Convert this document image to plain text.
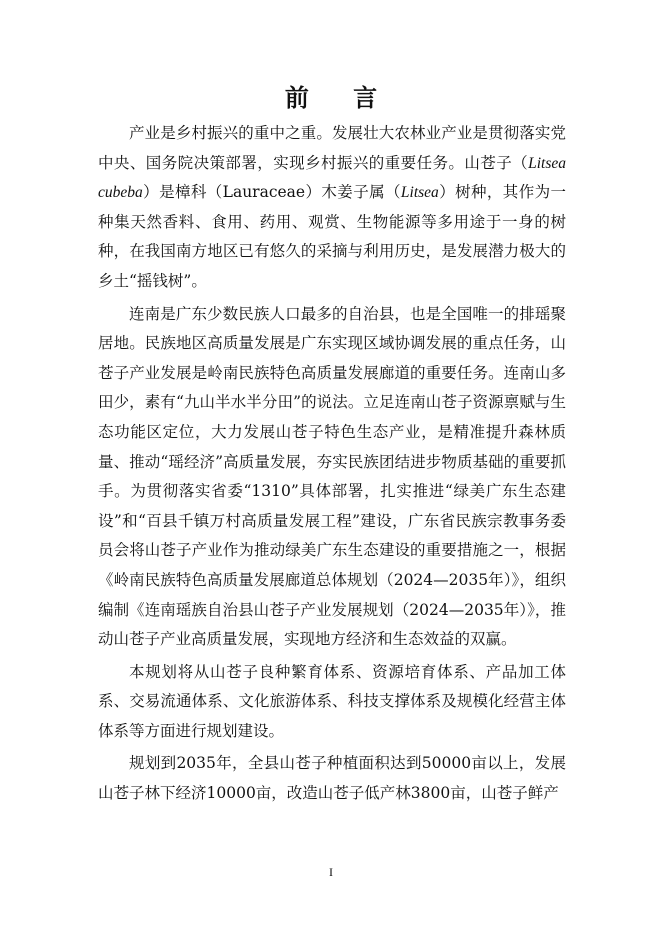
前 言

产业是乡村振兴的重中之重。发展壮大农林业产业是贯彻落实党中央、国务院决策部署，实现乡村振兴的重要任务。山苍子（Litsea cubeba）是樟科（Lauraceae）木姜子属（Litsea）树种，其作为一种集天然香料、食用、药用、观赏、生物能源等多用途于一身的树种，在我国南方地区已有悠久的采摘与利用历史，是发展潜力极大的乡土“摇钱树”。

连南是广东少数民族人口最多的自治县，也是全国唯一的排瑶聚居地。民族地区高质量发展是广东实现区域协调发展的重点任务，山苍子产业发展是岭南民族特色高质量发展廊道的重要任务。连南山多田少，素有“九山半水半分田”的说法。立足连南山苍子资源禀赋与生态功能区定位，大力发展山苍子特色生态产业，是精准提升森林质量、推动“瑶经济”高质量发展，夯实民族团结进步物质基础的重要抓手。为贯彻落实省委“1310”具体部署，扎实推进“绿美广东生态建设”和“百县千镇万村高质量发展工程”建设，广东省民族宗教事务委员会将山苍子产业作为推动绿美广东生态建设的重要措施之一，根据《岭南民族特色高质量发展廊道总体规划（2024—2035年）》，组织编制《连南瑶族自治县山苍子产业发展规划（2024—2035年）》，推动山苍子产业高质量发展，实现地方经济和生态效益的双赢。

本规划将从山苍子良种繁育体系、资源培育体系、产品加工体系、交易流通体系、文化旅游体系、科技支撑体系及规模化经营主体体系等方面进行规划建设。

规划到2035年，全县山苍子种植面积达到50000亩以上，发展山苍子林下经济10000亩，改造山苍子低产林3800亩，山苍子鲜产

I
